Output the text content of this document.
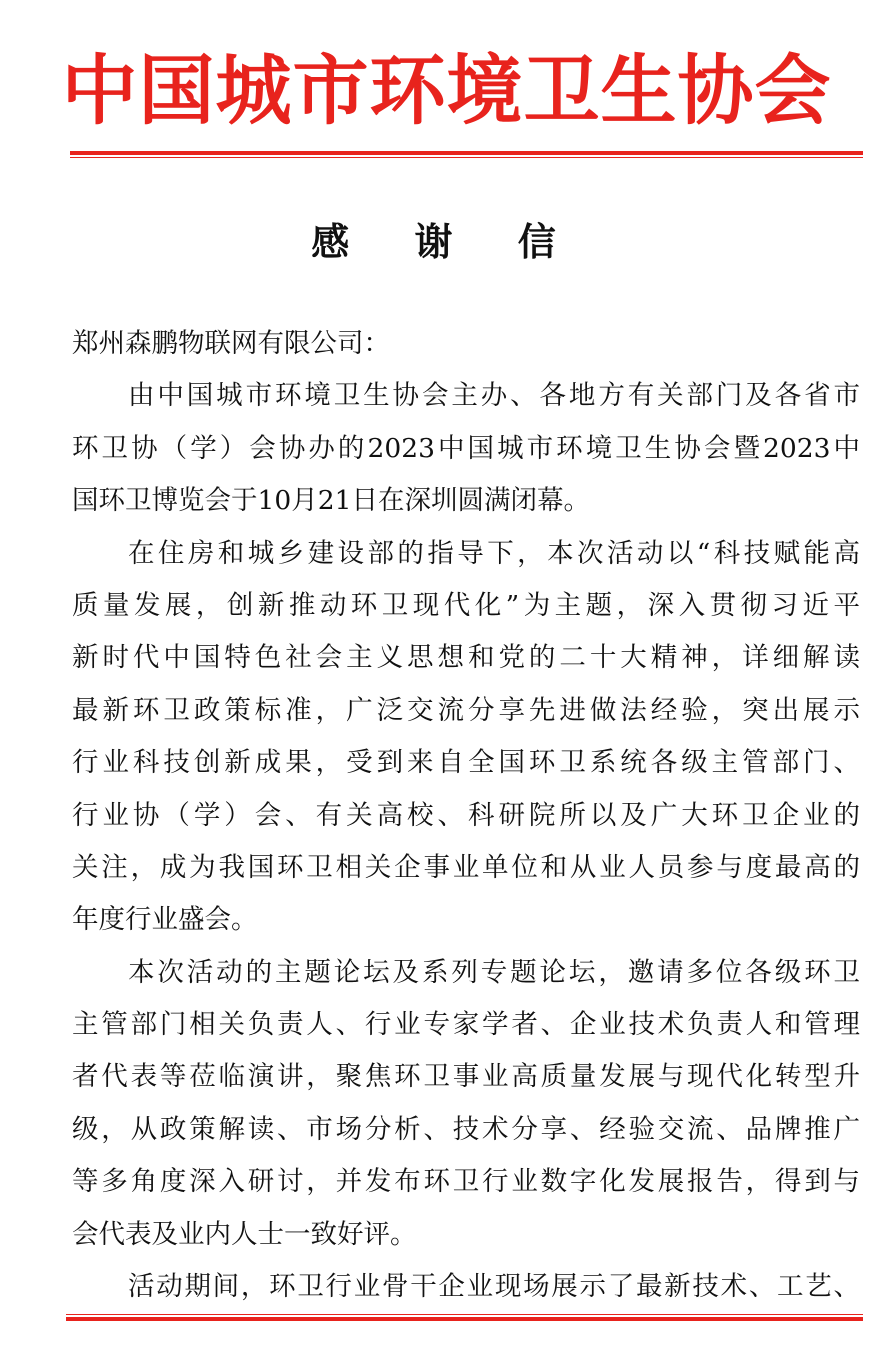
中国城市环境卫生协会
感 谢 信
郑州森鹏物联网有限公司：
由中国城市环境卫生协会主办、各地方有关部门及各省市
环卫协（学）会协办的2023中国城市环境卫生协会暨2023中
国环卫博览会于10月21日在深圳圆满闭幕。
在住房和城乡建设部的指导下，本次活动以“科技赋能高
质量发展，创新推动环卫现代化”为主题，深入贯彻习近平
新时代中国特色社会主义思想和党的二十大精神，详细解读
最新环卫政策标准，广泛交流分享先进做法经验，突出展示
行业科技创新成果，受到来自全国环卫系统各级主管部门、
行业协（学）会、有关高校、科研院所以及广大环卫企业的
关注，成为我国环卫相关企事业单位和从业人员参与度最高的
年度行业盛会。
本次活动的主题论坛及系列专题论坛，邀请多位各级环卫
主管部门相关负责人、行业专家学者、企业技术负责人和管理
者代表等莅临演讲，聚焦环卫事业高质量发展与现代化转型升
级，从政策解读、市场分析、技术分享、经验交流、品牌推广
等多角度深入研讨，并发布环卫行业数字化发展报告，得到与
会代表及业内人士一致好评。
活动期间，环卫行业骨干企业现场展示了最新技术、工艺、
